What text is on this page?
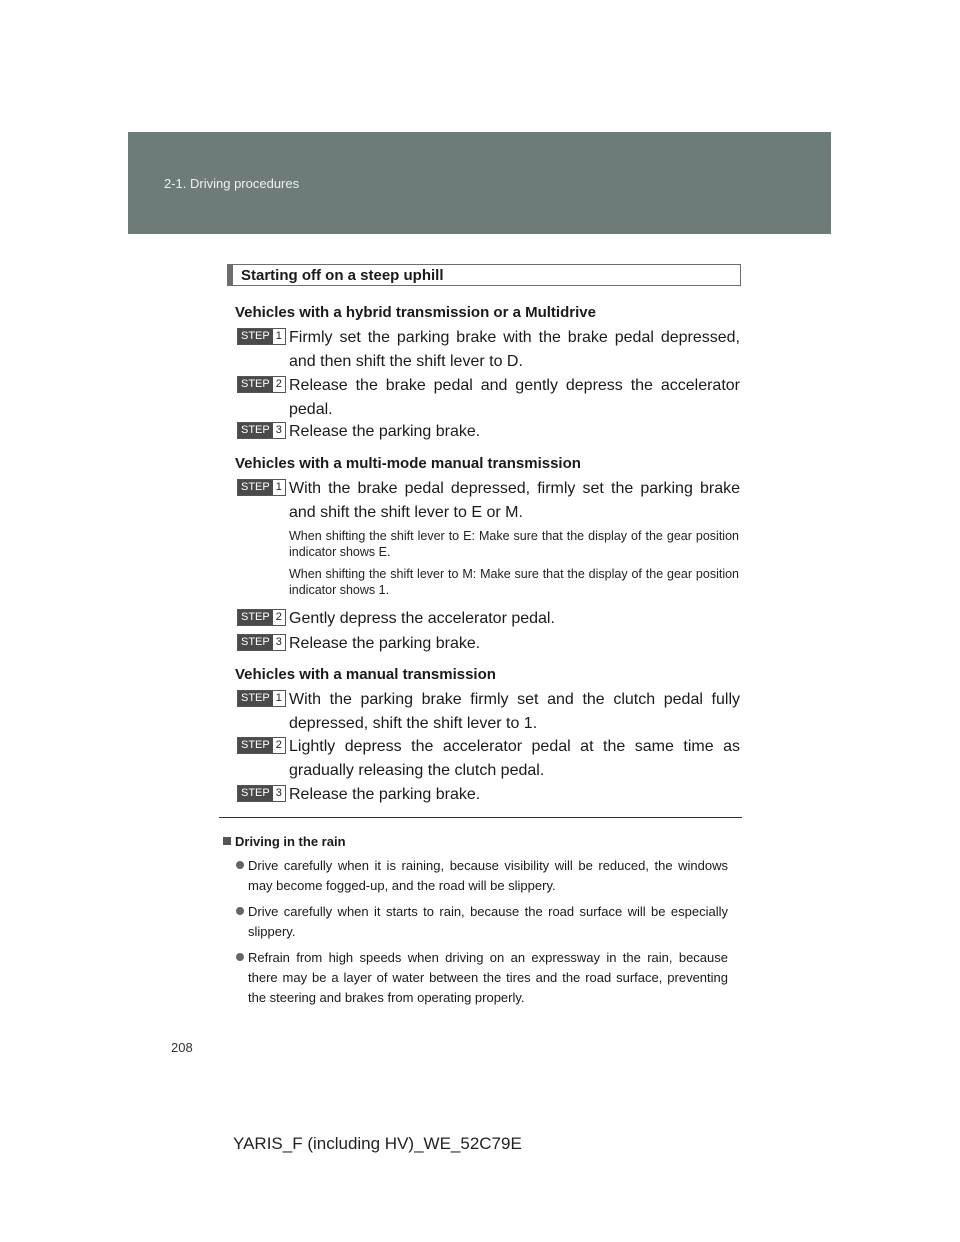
2-1. Driving procedures
Starting off on a steep uphill
Vehicles with a hybrid transmission or a Multidrive
STEP 1 Firmly set the parking brake with the brake pedal depressed, and then shift the shift lever to D.
STEP 2 Release the brake pedal and gently depress the accelerator pedal.
STEP 3 Release the parking brake.
Vehicles with a multi-mode manual transmission
STEP 1 With the brake pedal depressed, firmly set the parking brake and shift the shift lever to E or M.
When shifting the shift lever to E: Make sure that the display of the gear position indicator shows E.
When shifting the shift lever to M: Make sure that the display of the gear position indicator shows 1.
STEP 2 Gently depress the accelerator pedal.
STEP 3 Release the parking brake.
Vehicles with a manual transmission
STEP 1 With the parking brake firmly set and the clutch pedal fully depressed, shift the shift lever to 1.
STEP 2 Lightly depress the accelerator pedal at the same time as gradually releasing the clutch pedal.
STEP 3 Release the parking brake.
Driving in the rain
Drive carefully when it is raining, because visibility will be reduced, the windows may become fogged-up, and the road will be slippery.
Drive carefully when it starts to rain, because the road surface will be especially slippery.
Refrain from high speeds when driving on an expressway in the rain, because there may be a layer of water between the tires and the road surface, preventing the steering and brakes from operating properly.
208
YARIS_F (including HV)_WE_52C79E
